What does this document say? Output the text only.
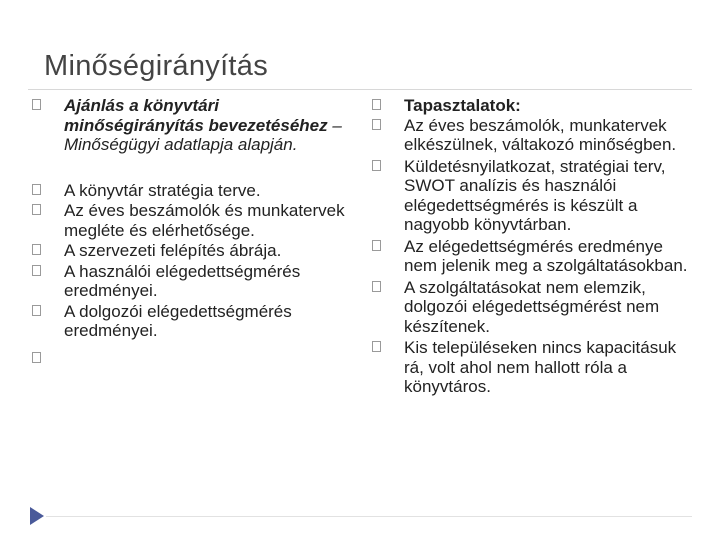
Minőségirányítás
Ajánlás a könyvtári minőségirányítás bevezetéséhez – Minőségügyi adatlapja alapján.
A könyvtár stratégia terve.
Az éves beszámolók és munkatervek megléte és elérhetősége.
A szervezeti felépítés ábrája.
A használói elégedettségmérés eredményei.
A dolgozói elégedettségmérés eredményei.
Tapasztalatok:
Az éves beszámolók, munkatervek elkészülnek, váltakozó minőségben.
Küldetésnyilatkozat, stratégiai terv, SWOT analízis és használói elégedettségmérés is készült a nagyobb könyvtárban.
Az elégedettségmérés eredménye nem jelenik meg a szolgáltatásokban.
A szolgáltatásokat nem elemzik, dolgozói elégedettségmérést nem készítenek.
Kis településeken nincs kapacitásuk rá, volt ahol nem hallott róla a könyvtáros.
